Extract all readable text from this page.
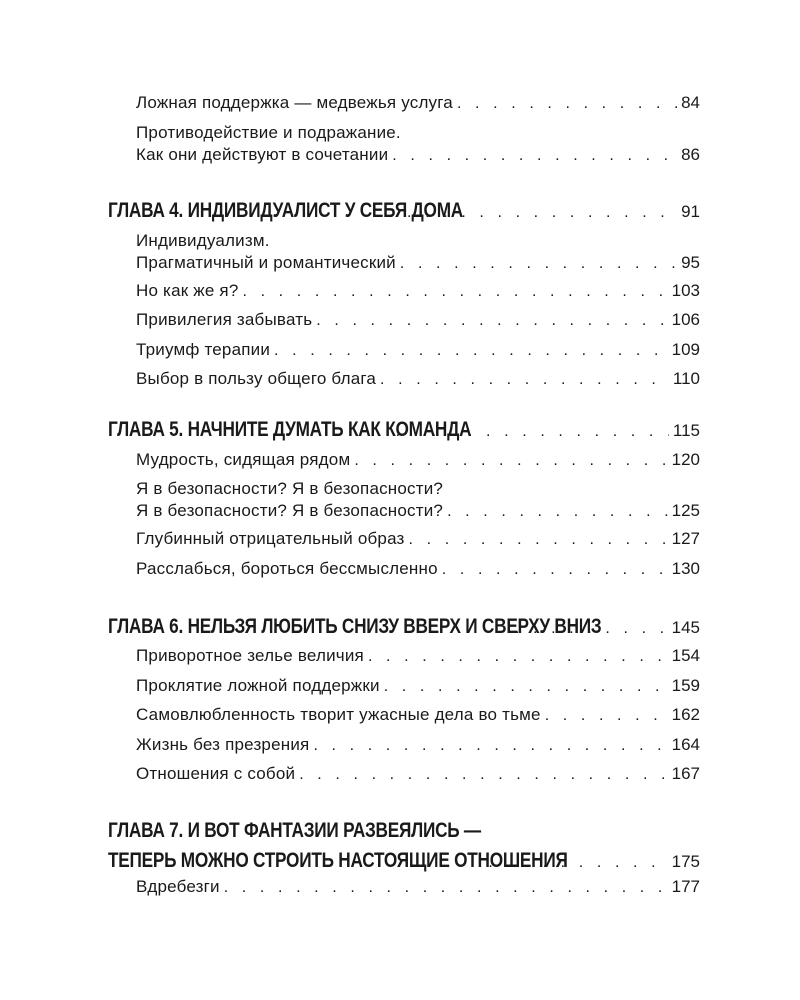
Ложная поддержка — медвежья услуга . . .	84
Противодействие и подражание.
Как они действуют в сочетании . . .	86
ГЛАВА 4. ИНДИВИДУАЛИСТ У СЕБЯ ДОМА . . .	91
Индивидуализм.
Прагматичный и романтический . . .	95
Но как же я? . . .	103
Привилегия забывать . . .	106
Триумф терапии . . .	109
Выбор в пользу общего блага . . .	110
ГЛАВА 5. НАЧНИТЕ ДУМАТЬ КАК КОМАНДА . . .	115
Мудрость, сидящая рядом . . .	120
Я в безопасности? Я в безопасности?
Я в безопасности? Я в безопасности? . . .	125
Глубинный отрицательный образ . . .	127
Расслабься, бороться бессмысленно . . .	130
ГЛАВА 6. НЕЛЬЗЯ ЛЮБИТЬ СНИЗУ ВВЕРХ И СВЕРХУ ВНИЗ . . .	145
Приворотное зелье величия . . .	154
Проклятие ложной поддержки . . .	159
Самовлюбленность творит ужасные дела во тьме . . .	162
Жизнь без презрения . . .	164
Отношения с собой . . .	167
ГЛАВА 7. И ВОТ ФАНТАЗИИ РАЗВЕЯЛИСЬ —
ТЕПЕРЬ МОЖНО СТРОИТЬ НАСТОЯЩИЕ ОТНОШЕНИЯ . . .	175
Вдребезги . . .	177
